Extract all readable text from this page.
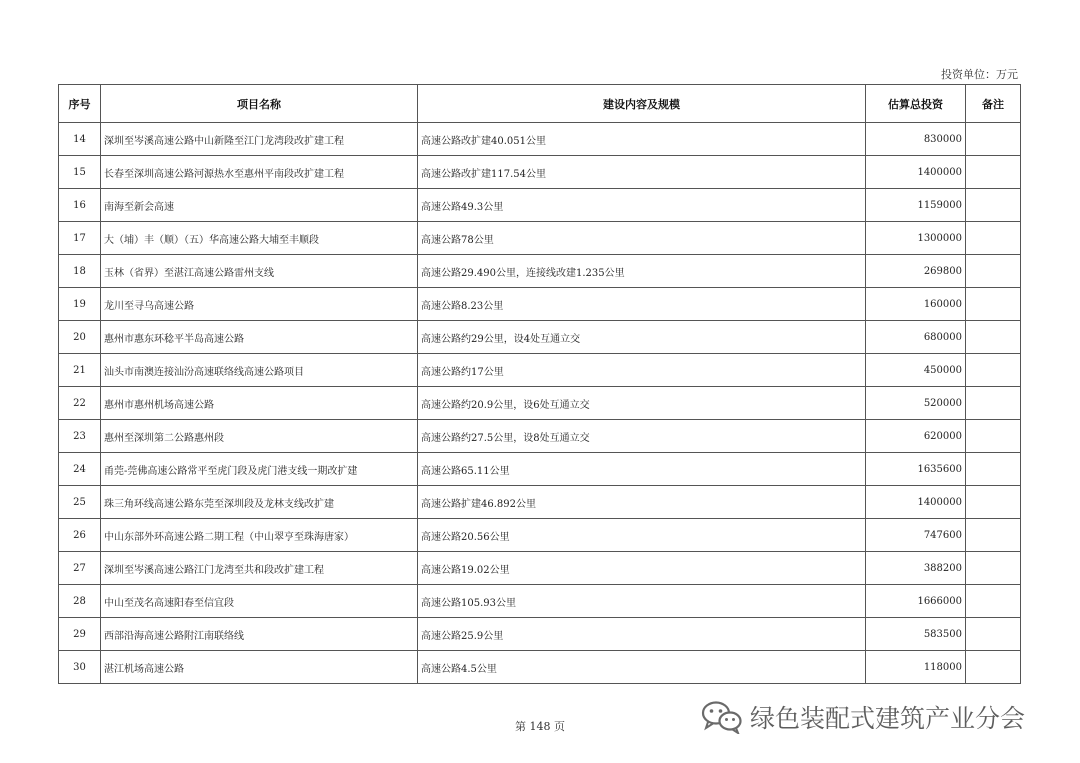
投资单位：万元
序号	项目名称	建设内容及规模	估算总投资	备注
14	深圳至岑溪高速公路中山新隆至江门龙湾段改扩建工程	高速公路改扩建40.051公里	830000	
15	长春至深圳高速公路河源热水至惠州平南段改扩建工程	高速公路改扩建117.54公里	1400000	
16	南海至新会高速	高速公路49.3公里	1159000	
17	大（埔）丰（顺）（五）华高速公路大埔至丰顺段	高速公路78公里	1300000	
18	玉林（省界）至湛江高速公路雷州支线	高速公路29.490公里，连接线改建1.235公里	269800	
19	龙川至寻乌高速公路	高速公路8.23公里	160000	
20	惠州市惠东环稔平半岛高速公路	高速公路约29公里，设4处互通立交	680000	
21	汕头市南澳连接汕汾高速联络线高速公路项目	高速公路约17公里	450000	
22	惠州市惠州机场高速公路	高速公路约20.9公里，设6处互通立交	520000	
23	惠州至深圳第二公路惠州段	高速公路约27.5公里，设8处互通立交	620000	
24	甬莞-莞佛高速公路常平至虎门段及虎门港支线一期改扩建	高速公路65.11公里	1635600	
25	珠三角环线高速公路东莞至深圳段及龙林支线改扩建	高速公路扩建46.892公里	1400000	
26	中山东部外环高速公路二期工程（中山翠亨至珠海唐家）	高速公路20.56公里	747600	
27	深圳至岑溪高速公路江门龙湾至共和段改扩建工程	高速公路19.02公里	388200	
28	中山至茂名高速阳春至信宜段	高速公路105.93公里	1666000	
29	西部沿海高速公路附江南联络线	高速公路25.9公里	583500	
30	湛江机场高速公路	高速公路4.5公里	118000	
第 148 页	绿色装配式建筑产业分会
